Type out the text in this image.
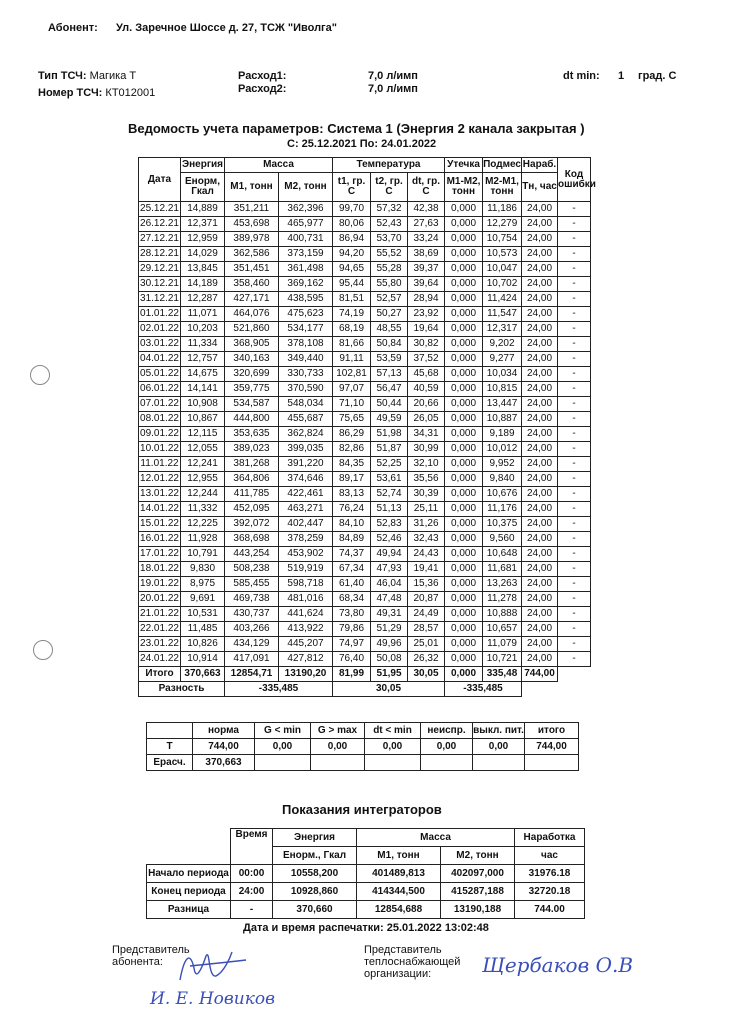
Абонент: Ул. Заречное Шоссе д. 27, ТСЖ "Иволга"
Тип ТСЧ: Магика Т
Номер ТСЧ: КТ012001
Расход1:	7,0 л/имп
Расход2:	7,0 л/имп
dt min: 1 град. С
Ведомость учета параметров: Система 1 (Энергия 2 канала закрытая )
С: 25.12.2021 По: 24.01.2022
Дата	Энергия	Масса		Температура			Утечка	Подмес	Нараб.	Код ошибки
	Енорм, Гкал	М1, тонн	М2, тонн	t1, гр. С	t2, гр. С	dt, гр. С	М1-М2, тонн	М2-М1, тонн	Тн, час	
25.12.21	14,889	351,211	362,396	99,70	57,32	42,38	0,000	11,186	24,00	-
26.12.21	12,371	453,698	465,977	80,06	52,43	27,63	0,000	12,279	24,00	-
27.12.21	12,959	389,978	400,731	86,94	53,70	33,24	0,000	10,754	24,00	-
28.12.21	14,029	362,586	373,159	94,20	55,52	38,69	0,000	10,573	24,00	-
29.12.21	13,845	351,451	361,498	94,65	55,28	39,37	0,000	10,047	24,00	-
30.12.21	14,189	358,460	369,162	95,44	55,80	39,64	0,000	10,702	24,00	-
31.12.21	12,287	427,171	438,595	81,51	52,57	28,94	0,000	11,424	24,00	-
01.01.22	11,071	464,076	475,623	74,19	50,27	23,92	0,000	11,547	24,00	-
02.01.22	10,203	521,860	534,177	68,19	48,55	19,64	0,000	12,317	24,00	-
03.01.22	11,334	368,905	378,108	81,66	50,84	30,82	0,000	9,202	24,00	-
04.01.22	12,757	340,163	349,440	91,11	53,59	37,52	0,000	9,277	24,00	-
05.01.22	14,675	320,699	330,733	102,81	57,13	45,68	0,000	10,034	24,00	-
06.01.22	14,141	359,775	370,590	97,07	56,47	40,59	0,000	10,815	24,00	-
07.01.22	10,908	534,587	548,034	71,10	50,44	20,66	0,000	13,447	24,00	-
08.01.22	10,867	444,800	455,687	75,65	49,59	26,05	0,000	10,887	24,00	-
09.01.22	12,115	353,635	362,824	86,29	51,98	34,31	0,000	9,189	24,00	-
10.01.22	12,055	389,023	399,035	82,86	51,87	30,99	0,000	10,012	24,00	-
11.01.22	12,241	381,268	391,220	84,35	52,25	32,10	0,000	9,952	24,00	-
12.01.22	12,955	364,806	374,646	89,17	53,61	35,56	0,000	9,840	24,00	-
13.01.22	12,244	411,785	422,461	83,13	52,74	30,39	0,000	10,676	24,00	-
14.01.22	11,332	452,095	463,271	76,24	51,13	25,11	0,000	11,176	24,00	-
15.01.22	12,225	392,072	402,447	84,10	52,83	31,26	0,000	10,375	24,00	-
16.01.22	11,928	368,698	378,259	84,89	52,46	32,43	0,000	9,560	24,00	-
17.01.22	10,791	443,254	453,902	74,37	49,94	24,43	0,000	10,648	24,00	-
18.01.22	9,830	508,238	519,919	67,34	47,93	19,41	0,000	11,681	24,00	-
19.01.22	8,975	585,455	598,718	61,40	46,04	15,36	0,000	13,263	24,00	-
20.01.22	9,691	469,738	481,016	68,34	47,48	20,87	0,000	11,278	24,00	-
21.01.22	10,531	430,737	441,624	73,80	49,31	24,49	0,000	10,888	24,00	-
22.01.22	11,485	403,266	413,922	79,86	51,29	28,57	0,000	10,657	24,00	-
23.01.22	10,826	434,129	445,207	74,97	49,96	25,01	0,000	11,079	24,00	-
24.01.22	10,914	417,091	427,812	76,40	50,08	26,32	0,000	10,721	24,00	-
Итого	370,663	12854,71	13190,20	81,99	51,95	30,05	0,000	335,48	744,00	
Разность		-335,485		30,05			-335,485			
	норма	G < min	G > max	dt < min	неиспр.	выкл. пит.	итого
Т	744,00	0,00	0,00	0,00	0,00	0,00	744,00
Ерасч.	370,663						
Показания интеграторов
	Время	Энергия	Масса		Наработка
		Енорм., Гкал	М1, тонн	М2, тонн	час
Начало периода	00:00	10558,200	401489,813	402097,000	31976.18
Конец периода	24:00	10928,860	414344,500	415287,188	32720.18
Разница	-	370,660	12854,688	13190,188	744.00
Дата и время распечатки: 25.01.2022 13:02:48
Представитель
абонента:
Представитель
теплоснабжающей
организации:
И. Е. Новиков
Щербаков О.В
